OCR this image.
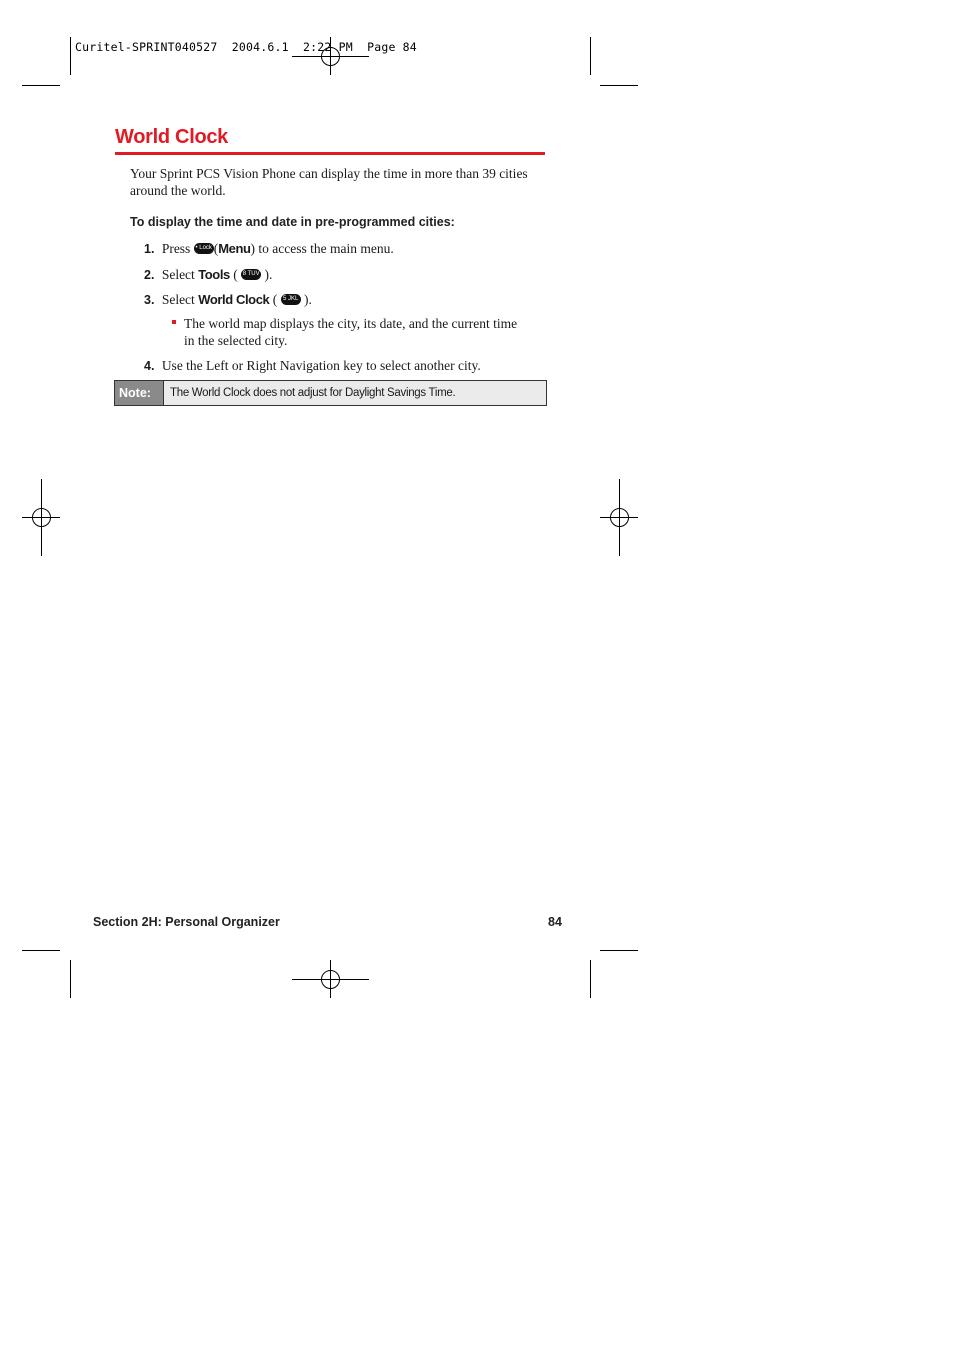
Curitel-SPRINT040527  2004.6.1  2:22 PM  Page 84
World Clock
Your Sprint PCS Vision Phone can display the time in more than 39 cities around the world.
To display the time and date in pre-programmed cities:
1. Press • Lock (Menu) to access the main menu.
2. Select Tools ( 8 TUV ).
3. Select World Clock ( 5 JKL ).
The world map displays the city, its date, and the current time in the selected city.
4. Use the Left or Right Navigation key to select another city.
Note:	The World Clock does not adjust for Daylight Savings Time.
Section 2H: Personal Organizer	84
